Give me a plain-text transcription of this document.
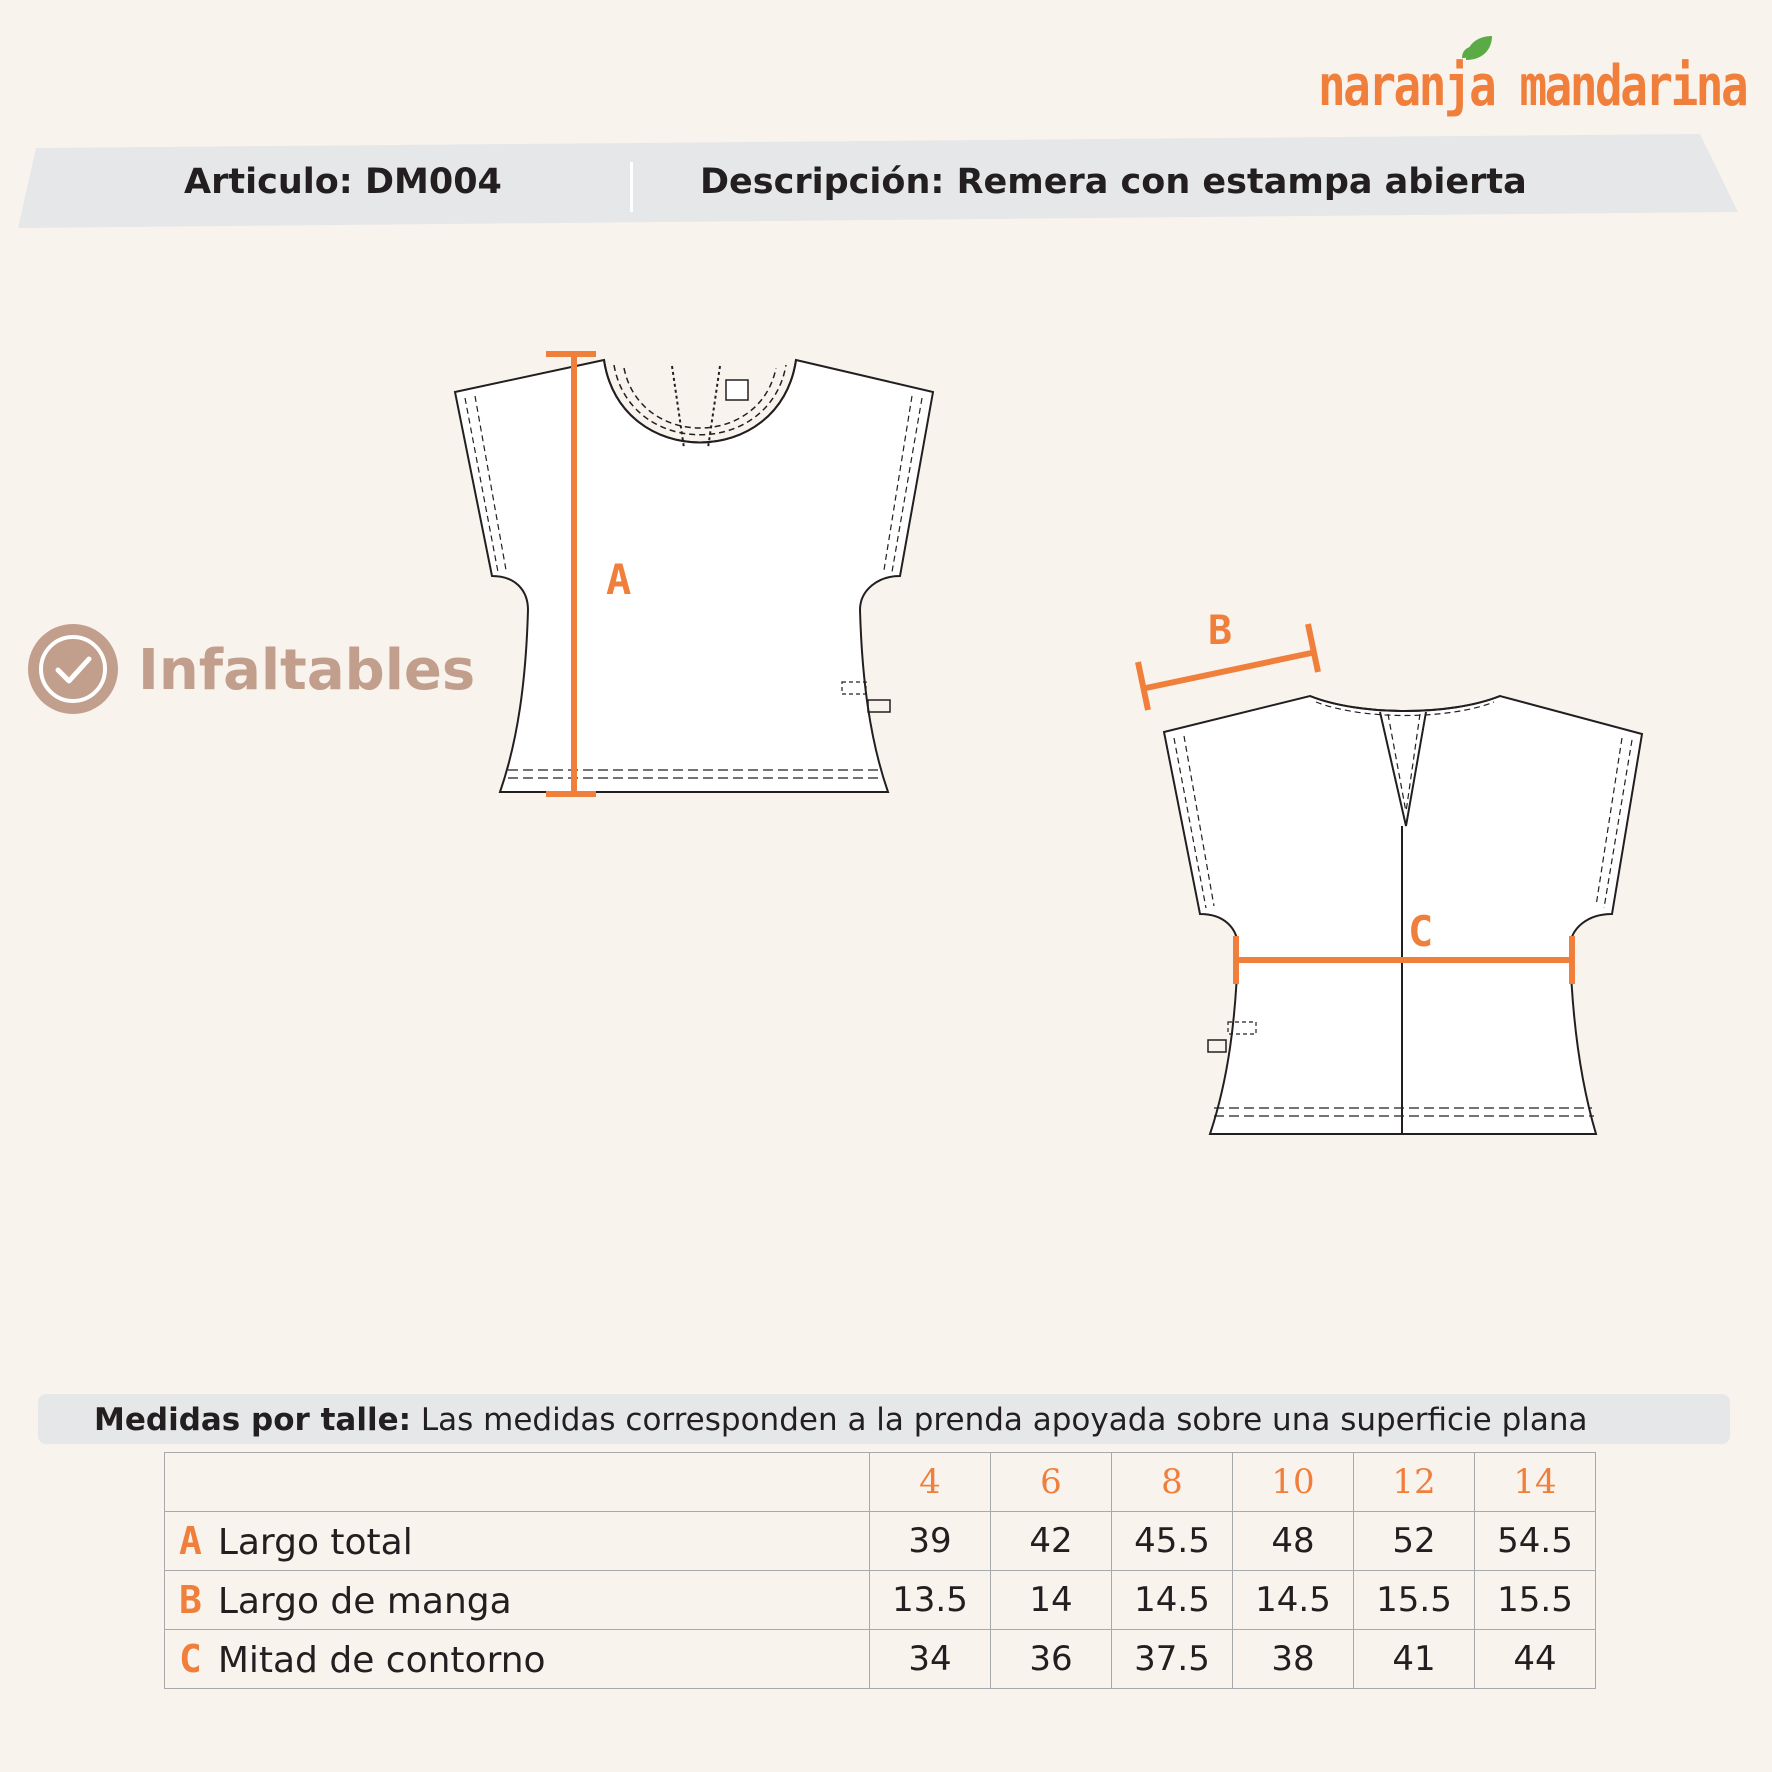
Articulo: DM004	Descripción: Remera con estampa abierta
naranja mandarina
Infaltables
A
B
C
Medidas por talle: Las medidas corresponden a la prenda apoyada sobre una superficie plana
	4	6	8	10	12	14
A Largo total	39	42	45.5	48	52	54.5
B Largo de manga	13.5	14	14.5	14.5	15.5	15.5
C Mitad de contorno	34	36	37.5	38	41	44
